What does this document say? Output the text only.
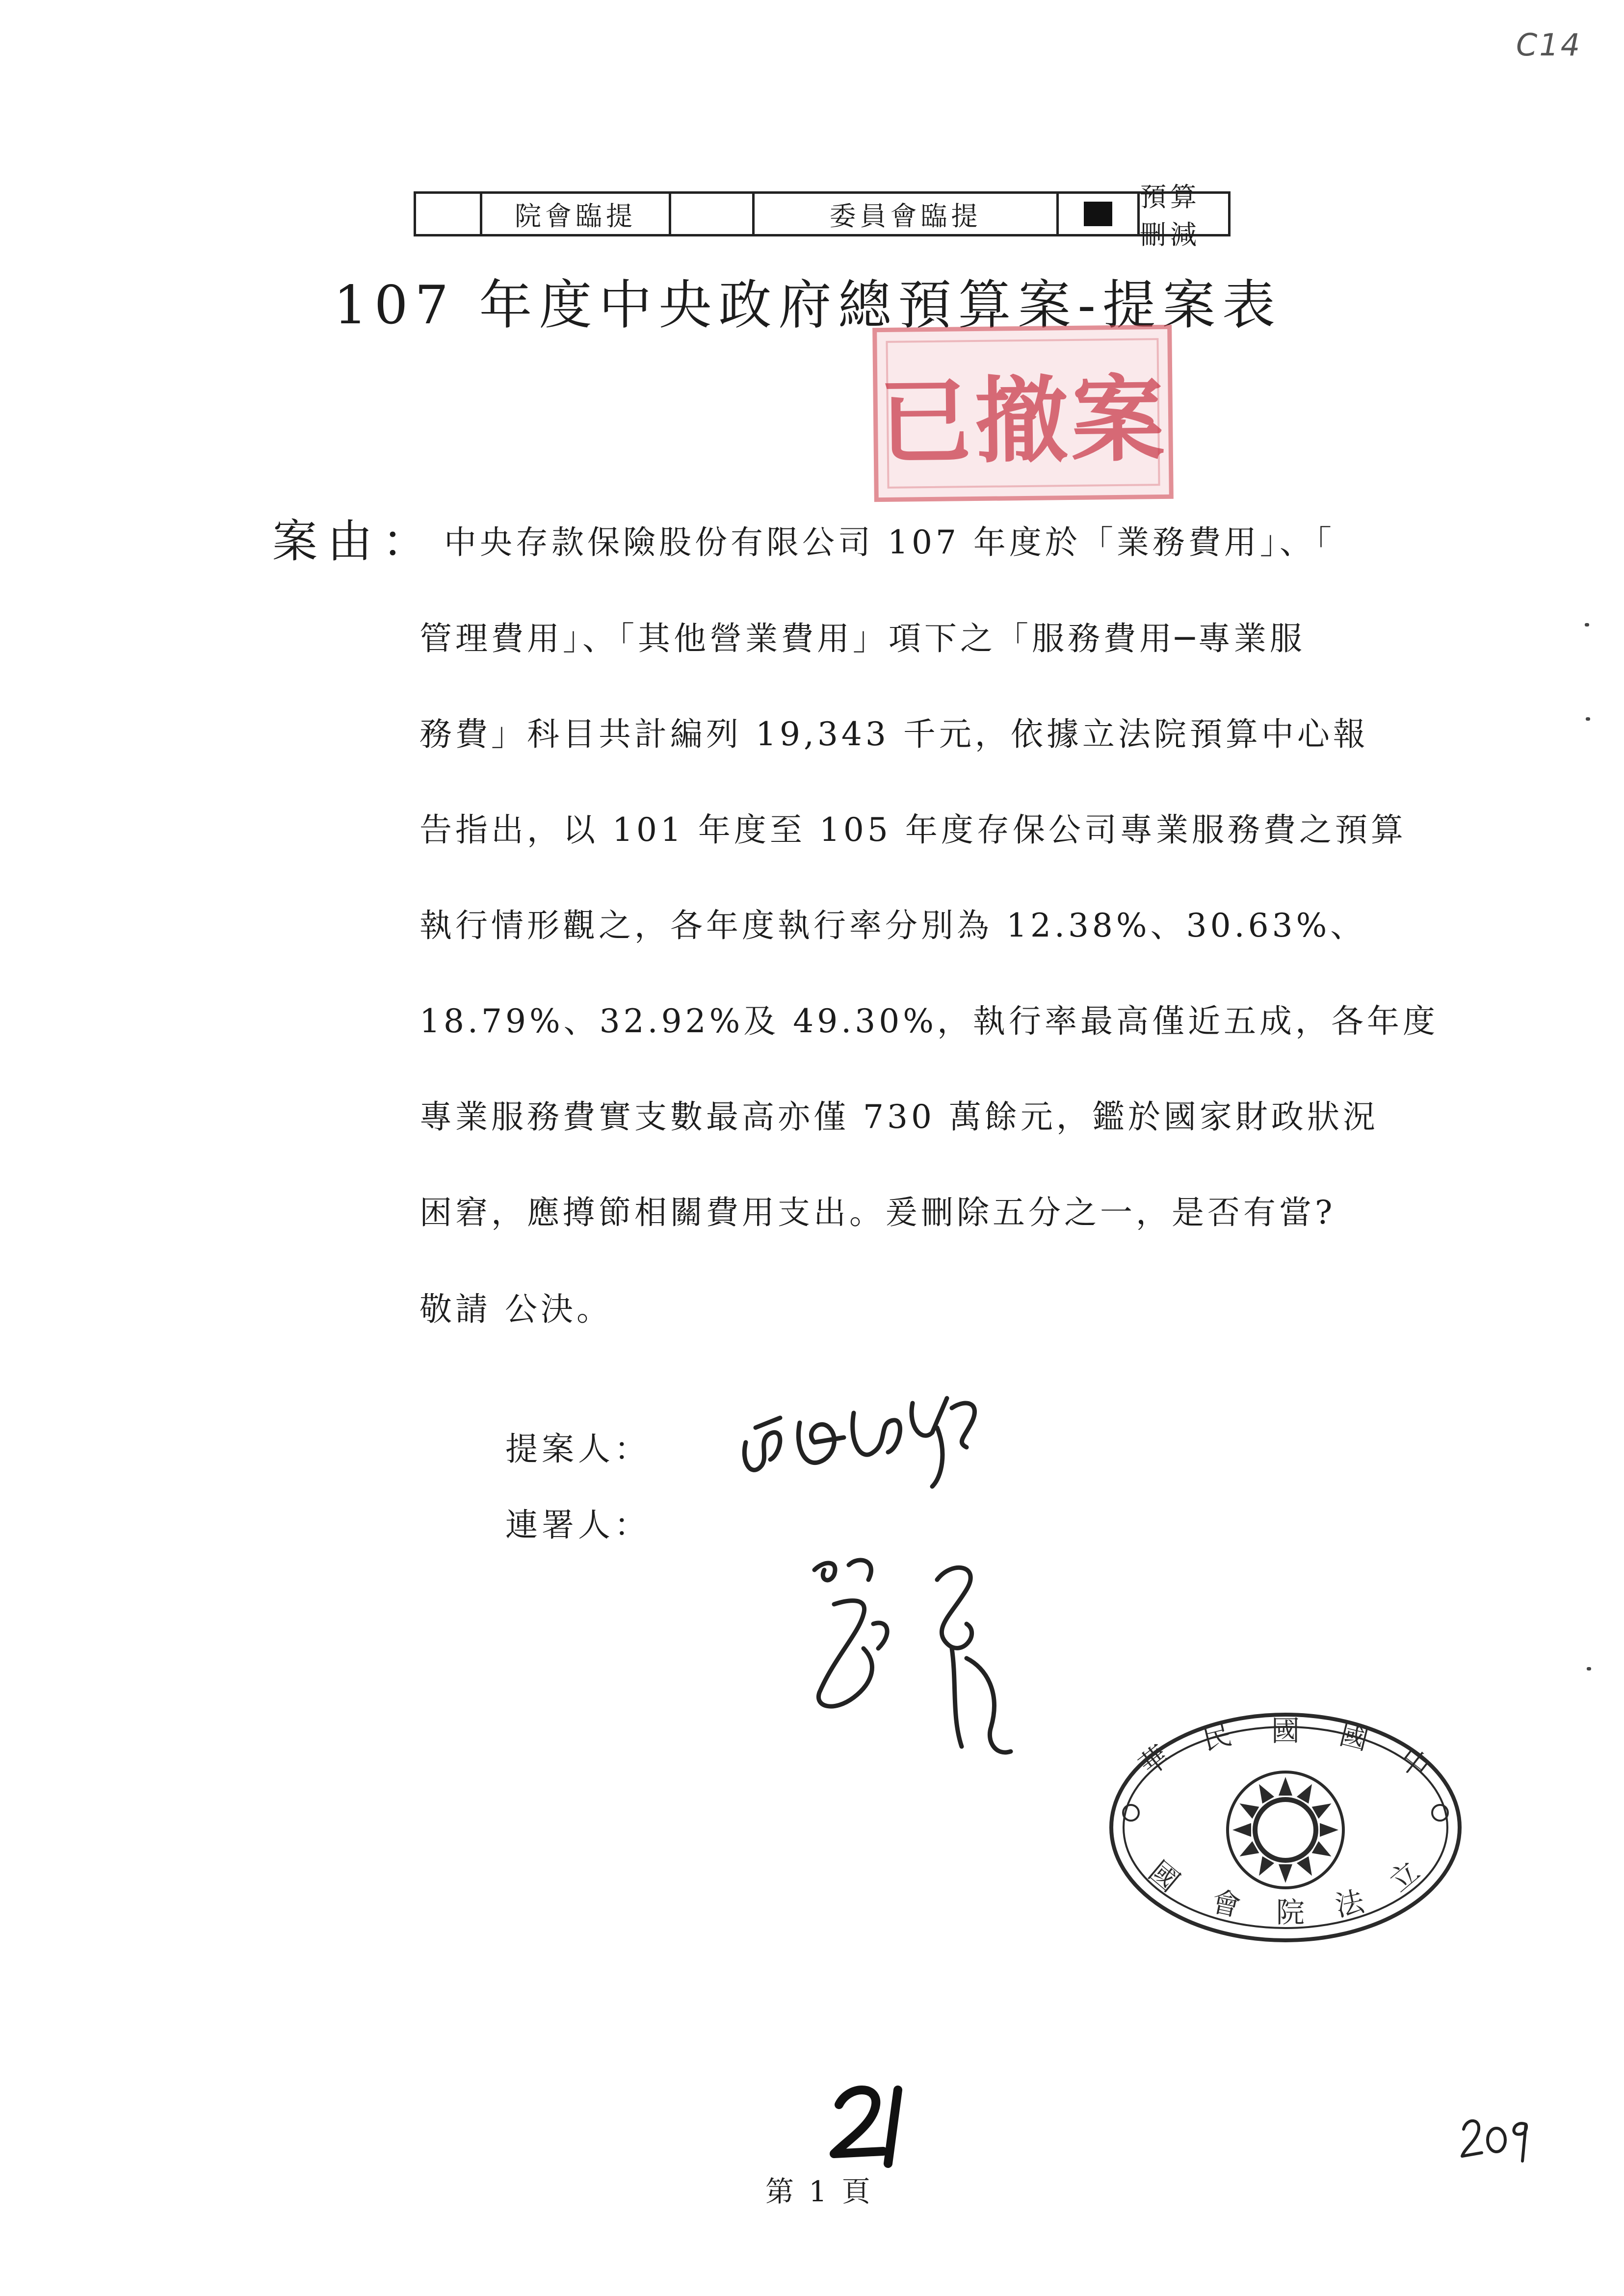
C14
院會臨提	委員會臨提
預算刪減
107 年度中央政府總預算案-提案表
已撤案
案由： 中央存款保險股份有限公司 107 年度於「業務費用」、「
管理費用」、「其他營業費用」項下之「服務費用─專業服
務費」科目共計編列 19,343 千元，依據立法院預算中心報
告指出，以 101 年度至 105 年度存保公司專業服務費之預算
執行情形觀之，各年度執行率分別為 12.38%、30.63%、
18.79%、32.92%及 49.30%，執行率最高僅近五成，各年度
專業服務費實支數最高亦僅 730 萬餘元，鑑於國家財政狀況
困窘，應撙節相關費用支出。爰刪除五分之一，是否有當?
敬請 公決。
提案人：
連署人：
華
民 國 國
中
國
會 院 法
立
第 1 頁
